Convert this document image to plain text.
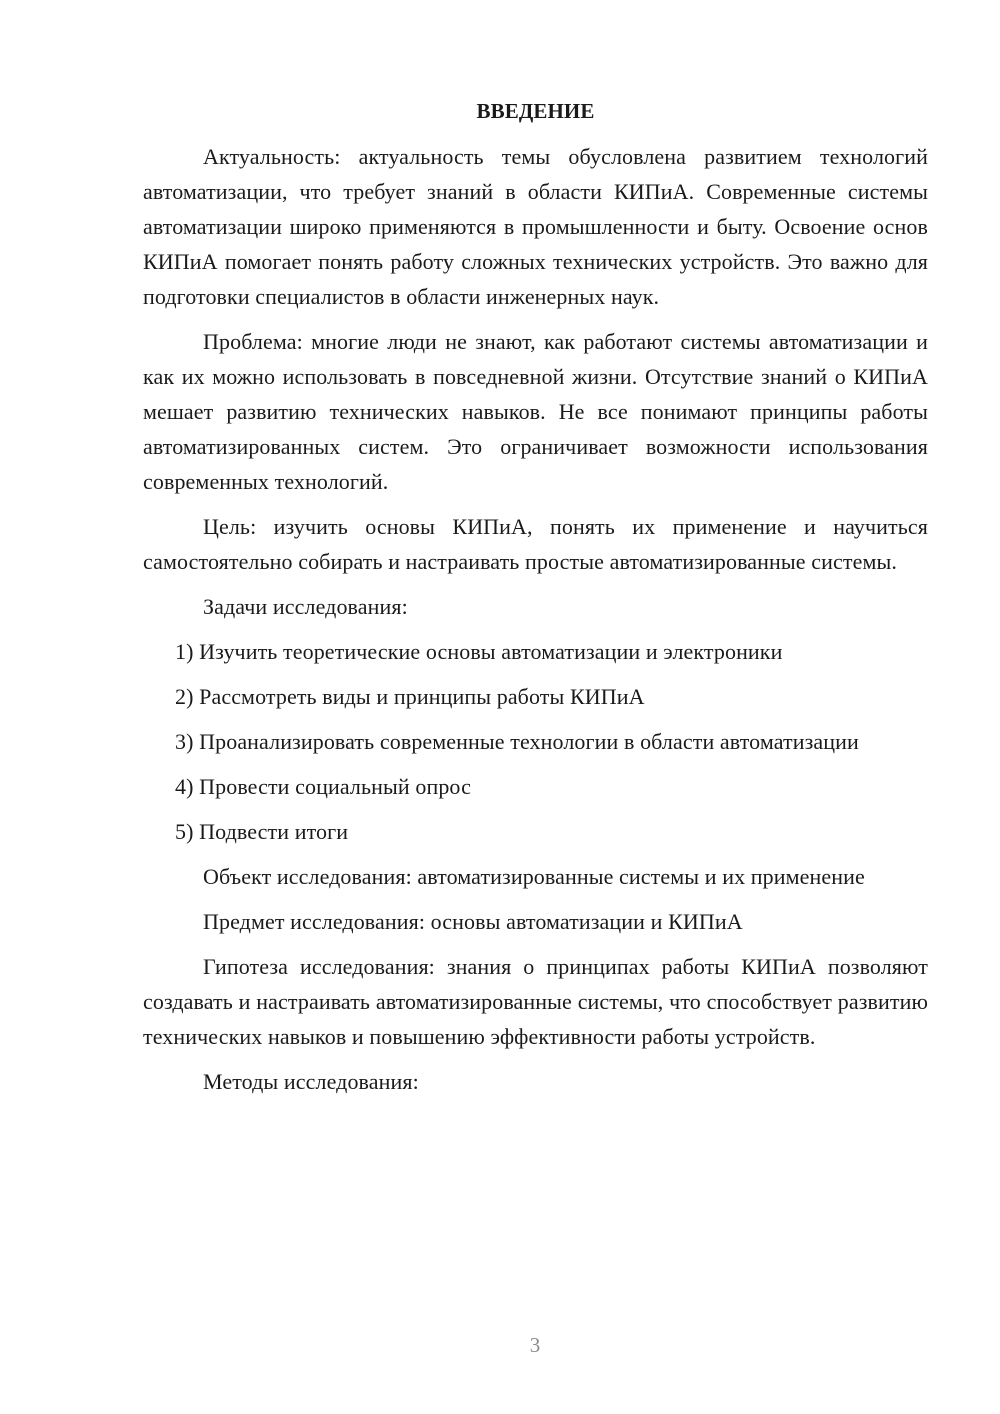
ВВЕДЕНИЕ

Актуальность: актуальность темы обусловлена развитием технологий автоматизации, что требует знаний в области КИПиА. Современные системы автоматизации широко применяются в промышленности и быту. Освоение основ КИПиА помогает понять работу сложных технических устройств. Это важно для подготовки специалистов в области инженерных наук.

Проблема: многие люди не знают, как работают системы автоматизации и как их можно использовать в повседневной жизни. Отсутствие знаний о КИПиА мешает развитию технических навыков. Не все понимают принципы работы автоматизированных систем. Это ограничивает возможности использования современных технологий.

Цель: изучить основы КИПиА, понять их применение и научиться самостоятельно собирать и настраивать простые автоматизированные системы.

Задачи исследования:

1) Изучить теоретические основы автоматизации и электроники

2) Рассмотреть виды и принципы работы КИПиА

3) Проанализировать современные технологии в области автоматизации

4) Провести социальный опрос

5) Подвести итоги

Объект исследования: автоматизированные системы и их применение

Предмет исследования: основы автоматизации и КИПиА

Гипотеза исследования: знания о принципах работы КИПиА позволяют создавать и настраивать автоматизированные системы, что способствует развитию технических навыков и повышению эффективности работы устройств.

Методы исследования:

3
